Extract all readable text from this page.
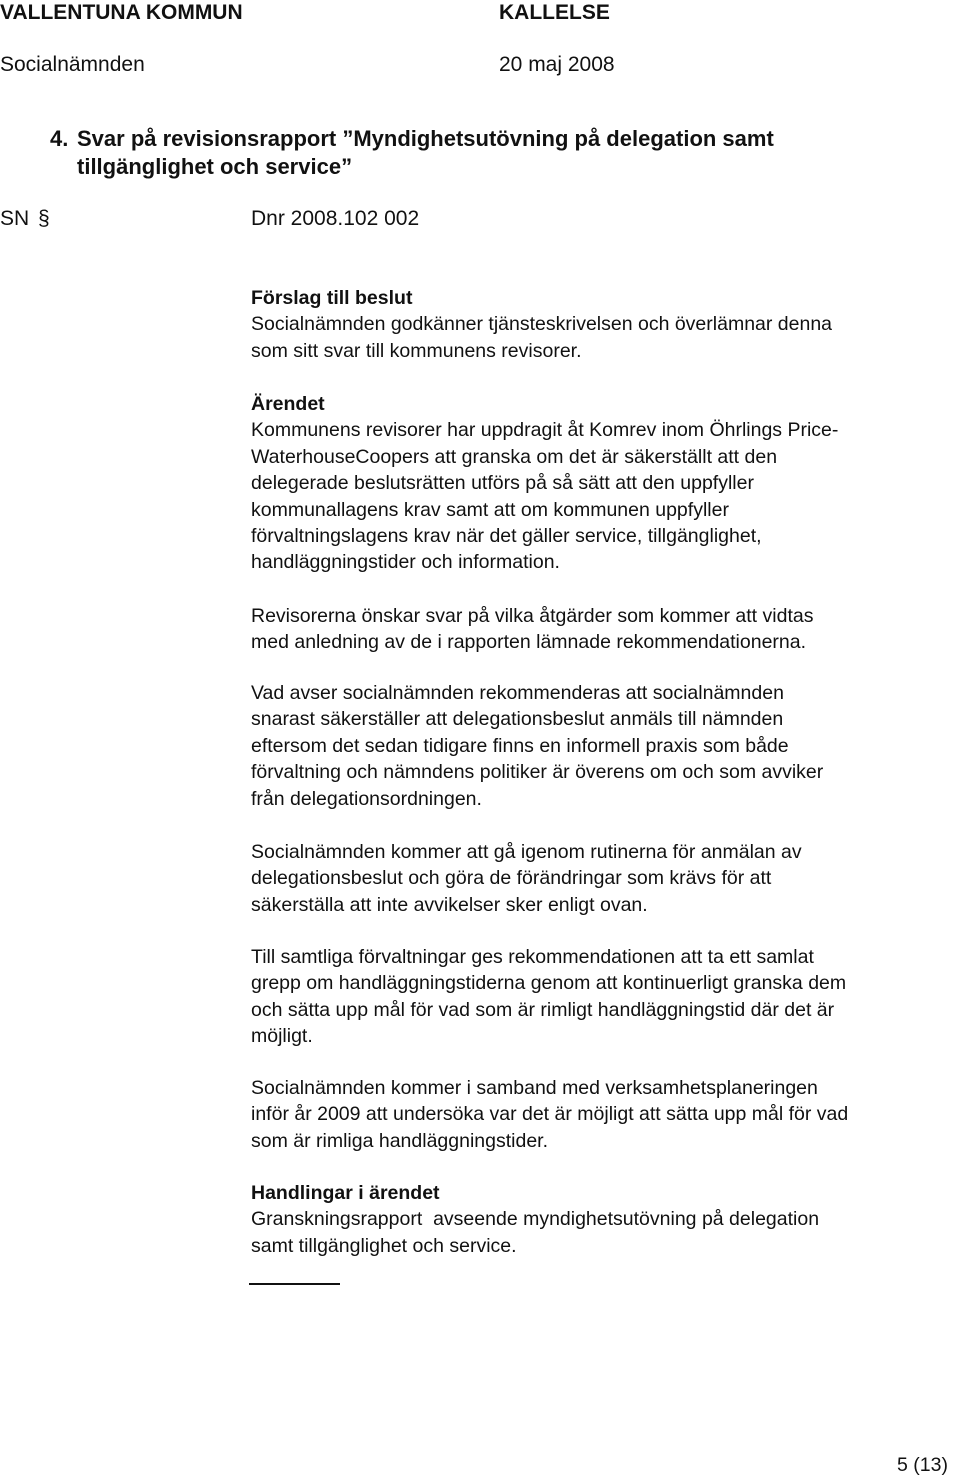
VALLENTUNA KOMMUN	KALLELSE
Socialnämnden	20 maj 2008
4. Svar på revisionsrapport ”Myndighetsutövning på delegation samt
tillgänglighet och service”
SN §	Dnr 2008.102 002

Förslag till beslut

Socialnämnden godkänner tjänsteskrivelsen och överlämnar denna

som sitt svar till kommunens revisorer.

Ärendet

Kommunens revisorer har uppdragit åt Komrev inom Öhrlings Price-

WaterhouseCoopers att granska om det är säkerställt att den

delegerade beslutsrätten utförs på så sätt att den uppfyller

kommunallagens krav samt att om kommunen uppfyller

förvaltningslagens krav när det gäller service, tillgänglighet,

handläggningstider och information.

Revisorerna önskar svar på vilka åtgärder som kommer att vidtas

med anledning av de i rapporten lämnade rekommendationerna.

Vad avser socialnämnden rekommenderas att socialnämnden

snarast säkerställer att delegationsbeslut anmäls till nämnden

eftersom det sedan tidigare finns en informell praxis som både

förvaltning och nämndens politiker är överens om och som avviker

från delegationsordningen.

Socialnämnden kommer att gå igenom rutinerna för anmälan av

delegationsbeslut och göra de förändringar som krävs för att

säkerställa att inte avvikelser sker enligt ovan.

Till samtliga förvaltningar ges rekommendationen att ta ett samlat

grepp om handläggningstiderna genom att kontinuerligt granska dem

och sätta upp mål för vad som är rimligt handläggningstid där det är

möjligt.

Socialnämnden kommer i samband med verksamhetsplaneringen

inför år 2009 att undersöka var det är möjligt att sätta upp mål för vad

som är rimliga handläggningstider.

Handlingar i ärendet

Granskningsrapport  avseende myndighetsutövning på delegation

samt tillgänglighet och service.

5 (13)
